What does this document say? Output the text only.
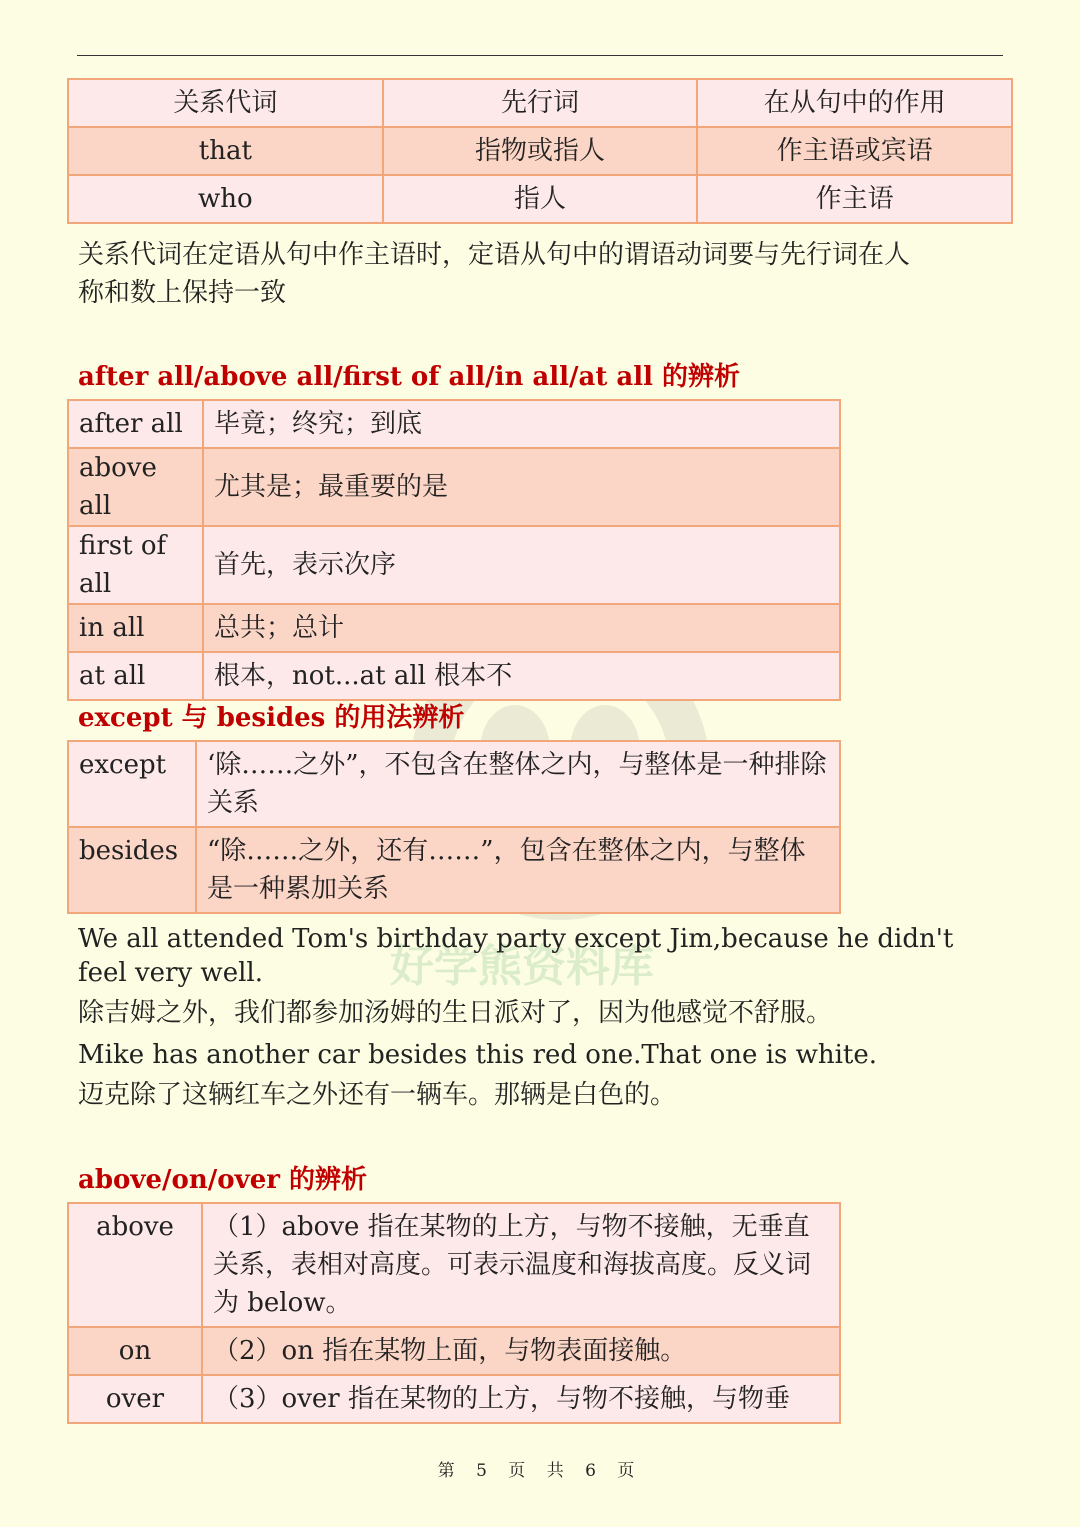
好学熊资料库
关系代词	先行词	在从句中的作用
that	指物或指人	作主语或宾语
who	指人	作主语
关系代词在定语从句中作主语时，定语从句中的谓语动词要与先行词在人
称和数上保持一致
after all/above all/first of all/in all/at all 的辨析
after all	毕竟；终究；到底
above all	尤其是；最重要的是
first of all	首先，表示次序
in all	总共；总计
at all	根本，not...at all 根本不
except 与 besides 的用法辨析
except	‘除……之外”，不包含在整体之内，与整体是一种排除关系
besides	“除……之外，还有……”，包含在整体之内，与整体是一种累加关系
We all attended Tom's birthday party except Jim,because he didn't feel very well.
除吉姆之外，我们都参加汤姆的生日派对了，因为他感觉不舒服。
Mike has another car besides this red one.That one is white.
迈克除了这辆红车之外还有一辆车。那辆是白色的。
above/on/over 的辨析
above	（1）above 指在某物的上方，与物不接触，无垂直关系，表相对高度。可表示温度和海拔高度。反义词为 below。
on	（2）on 指在某物上面，与物表面接触。
over	（3）over 指在某物的上方，与物不接触，与物垂
第 5 页 共 6 页
